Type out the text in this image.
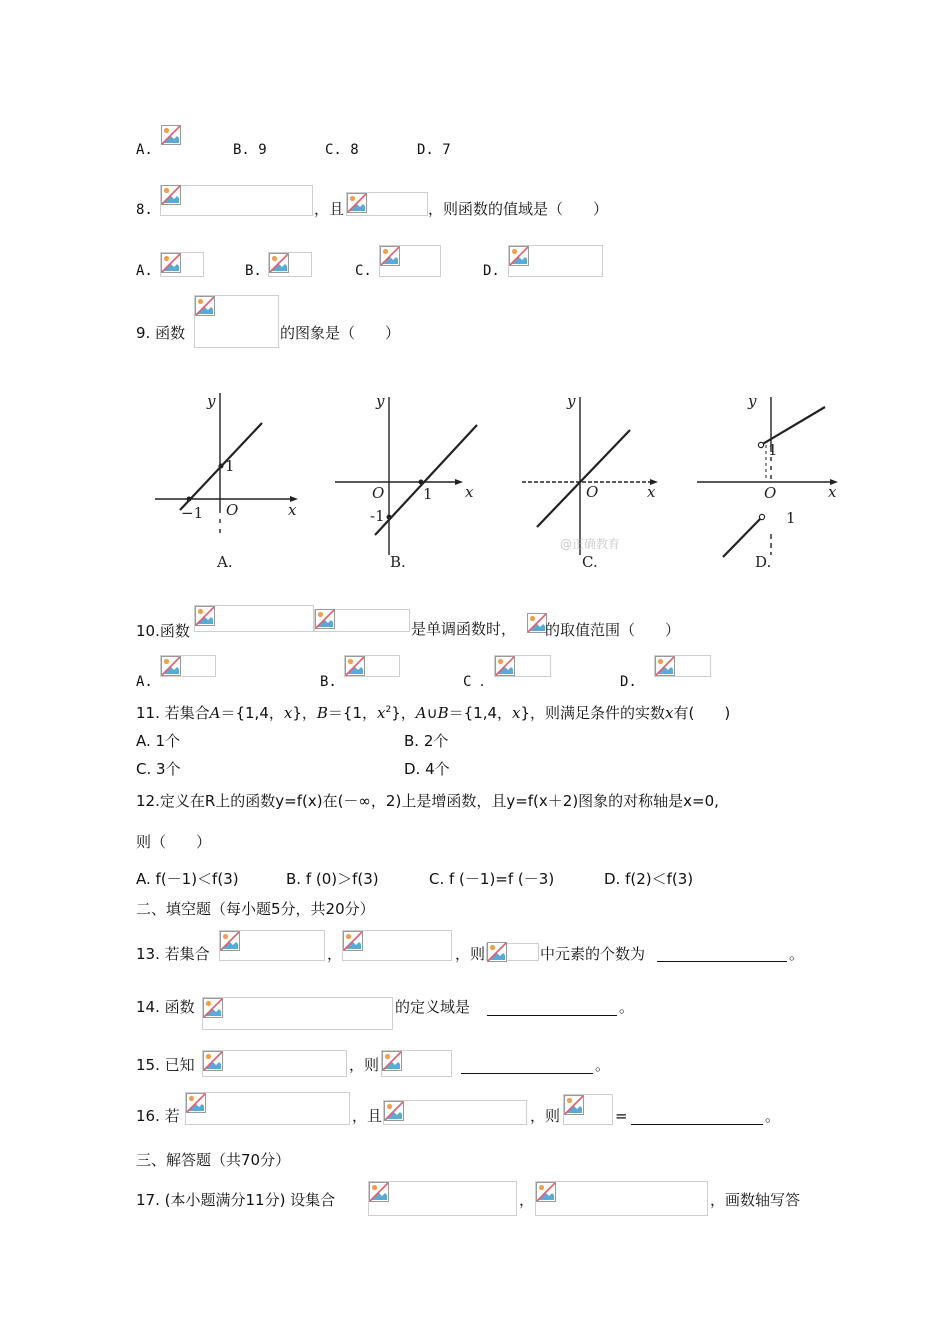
A.	B. 9	C. 8	D. 7
8.	，且	，则函数的值域是（　　）
A.	B.	C.	D.
9. 函数	的图象是（　　）
y
x
O
1
−1
A.
y
x
O	1
-1
B.
y
x
O
C.
y
x
O
1
1
D.
@正确教育
10.函数	是单调函数时， 的取值范围（　　）
A.	B.	C ．	D.
11. 若集合A＝{1,4，x}，B＝{1，$x^2$}，A∪B＝{1,4，x}，则满足条件的实数x有(　　)
A. 1个	B. 2个
C. 3个	D. 4个
12.定义在R上的函数y=f(x)在(－∞，2)上是增函数，且y=f(x＋2)图象的对称轴是x=0,
则（　　）
A. f(－1)＜f(3)	B. f (0)＞f(3)	C. f (－1)=f (－3)	D. f(2)＜f(3)
二、填空题（每小题5分，共20分）
13. 若集合	，	，则	中元素的个数为	。
14. 函数	的定义域是	。
15. 已知	，则	。
16. 若	，且	，则	=	。
三、解答题（共70分）
17. (本小题满分11分) 设集合	，	，画数轴写答
